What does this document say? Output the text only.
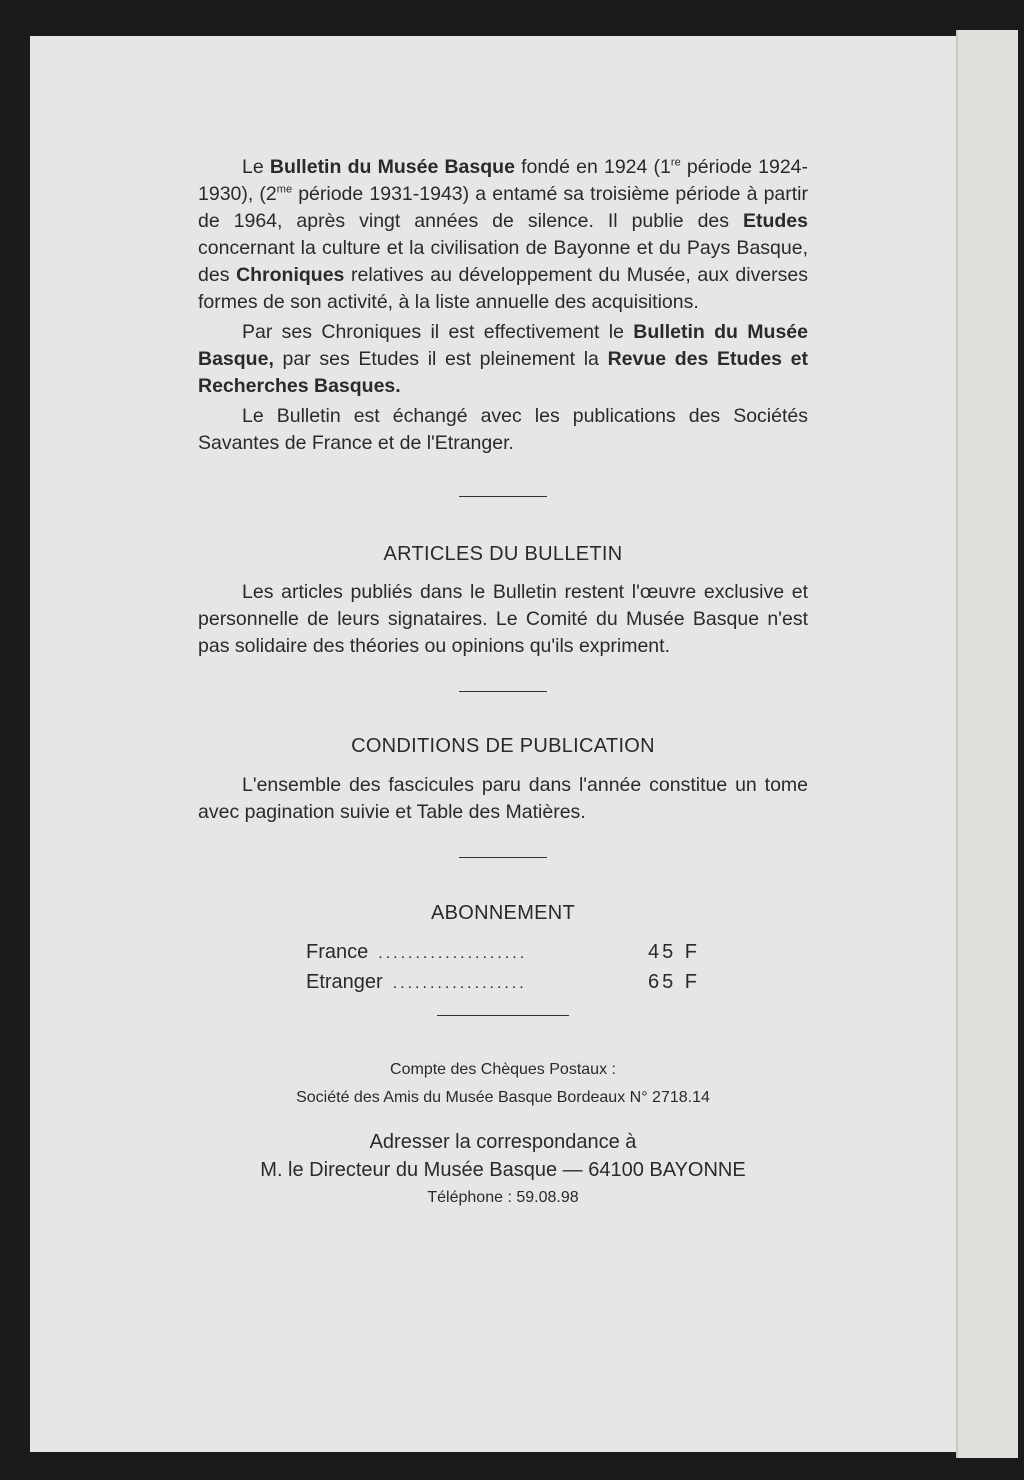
Le Bulletin du Musée Basque fondé en 1924 (1re période 1924-1930), ($2^{me}$ période 1931-1943) a entamé sa troisième période à partir de 1964, après vingt années de silence. Il publie des Etudes concernant la culture et la civilisation de Bayonne et du Pays Basque, des Chroniques relatives au développement du Musée, aux diverses formes de son activité, à la liste annuelle des acquisitions.

Par ses Chroniques il est effectivement le Bulletin du Musée Basque, par ses Etudes il est pleinement la Revue des Etudes et Recherches Basques.

Le Bulletin est échangé avec les publications des Sociétés Savantes de France et de l'Etranger.

ARTICLES DU BULLETIN

Les articles publiés dans le Bulletin restent l'œuvre exclusive et personnelle de leurs signataires. Le Comité du Musée Basque n'est pas solidaire des théories ou opinions qu'ils expriment.

CONDITIONS DE PUBLICATION

L'ensemble des fascicules paru dans l'année constitue un tome avec pagination suivie et Table des Matières.

ABONNEMENT
France ....................	45 F
Etranger ..................	65 F
Compte des Chèques Postaux :
Société des Amis du Musée Basque Bordeaux N° 2718.14
Adresser la correspondance à
M. le Directeur du Musée Basque — 64100 BAYONNE
Téléphone : 59.08.98
